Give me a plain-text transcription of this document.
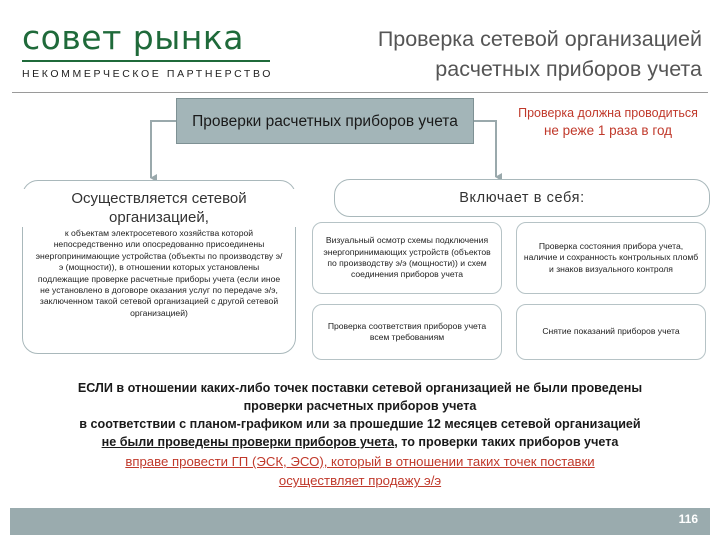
совет рынка
НЕКОММЕРЧЕСКОЕ ПАРТНЕРСТВО
Проверка сетевой организацией расчетных приборов учета
Проверки расчетных приборов учета	Проверка должна проводиться
не реже 1 раза в год
Осуществляется сетевой организацией,
к объектам электросетевого хозяйства которой непосредственно или опосредованно присоединены энергопринимающие устройства (объекты по производству э/э (мощности)), в отношении которых установлены подлежащие проверке расчетные приборы учета (если иное не установлено в договоре оказания услуг по передаче э/э, заключенном такой сетевой организацией с другой сетевой организацией)
Включает в себя:
Визуальный осмотр схемы подключения энергопринимающих устройств (объектов по производству э/э (мощности)) и схем соединения приборов учета
Проверка состояния прибора учета, наличие и сохранность контрольных пломб и знаков визуального контроля
Проверка соответствия приборов учета всем требованиям
Снятие показаний приборов учета
ЕСЛИ в отношении каких-либо точек поставки сетевой организацией не были проведены
проверки расчетных приборов учета
в соответствии с планом-графиком или за прошедшие 12 месяцев сетевой организацией
не были проведены проверки приборов учета, то проверки таких приборов учета
вправе провести ГП (ЭСК, ЭСО), который в отношении таких точек поставки
осуществляет продажу э/э
116
